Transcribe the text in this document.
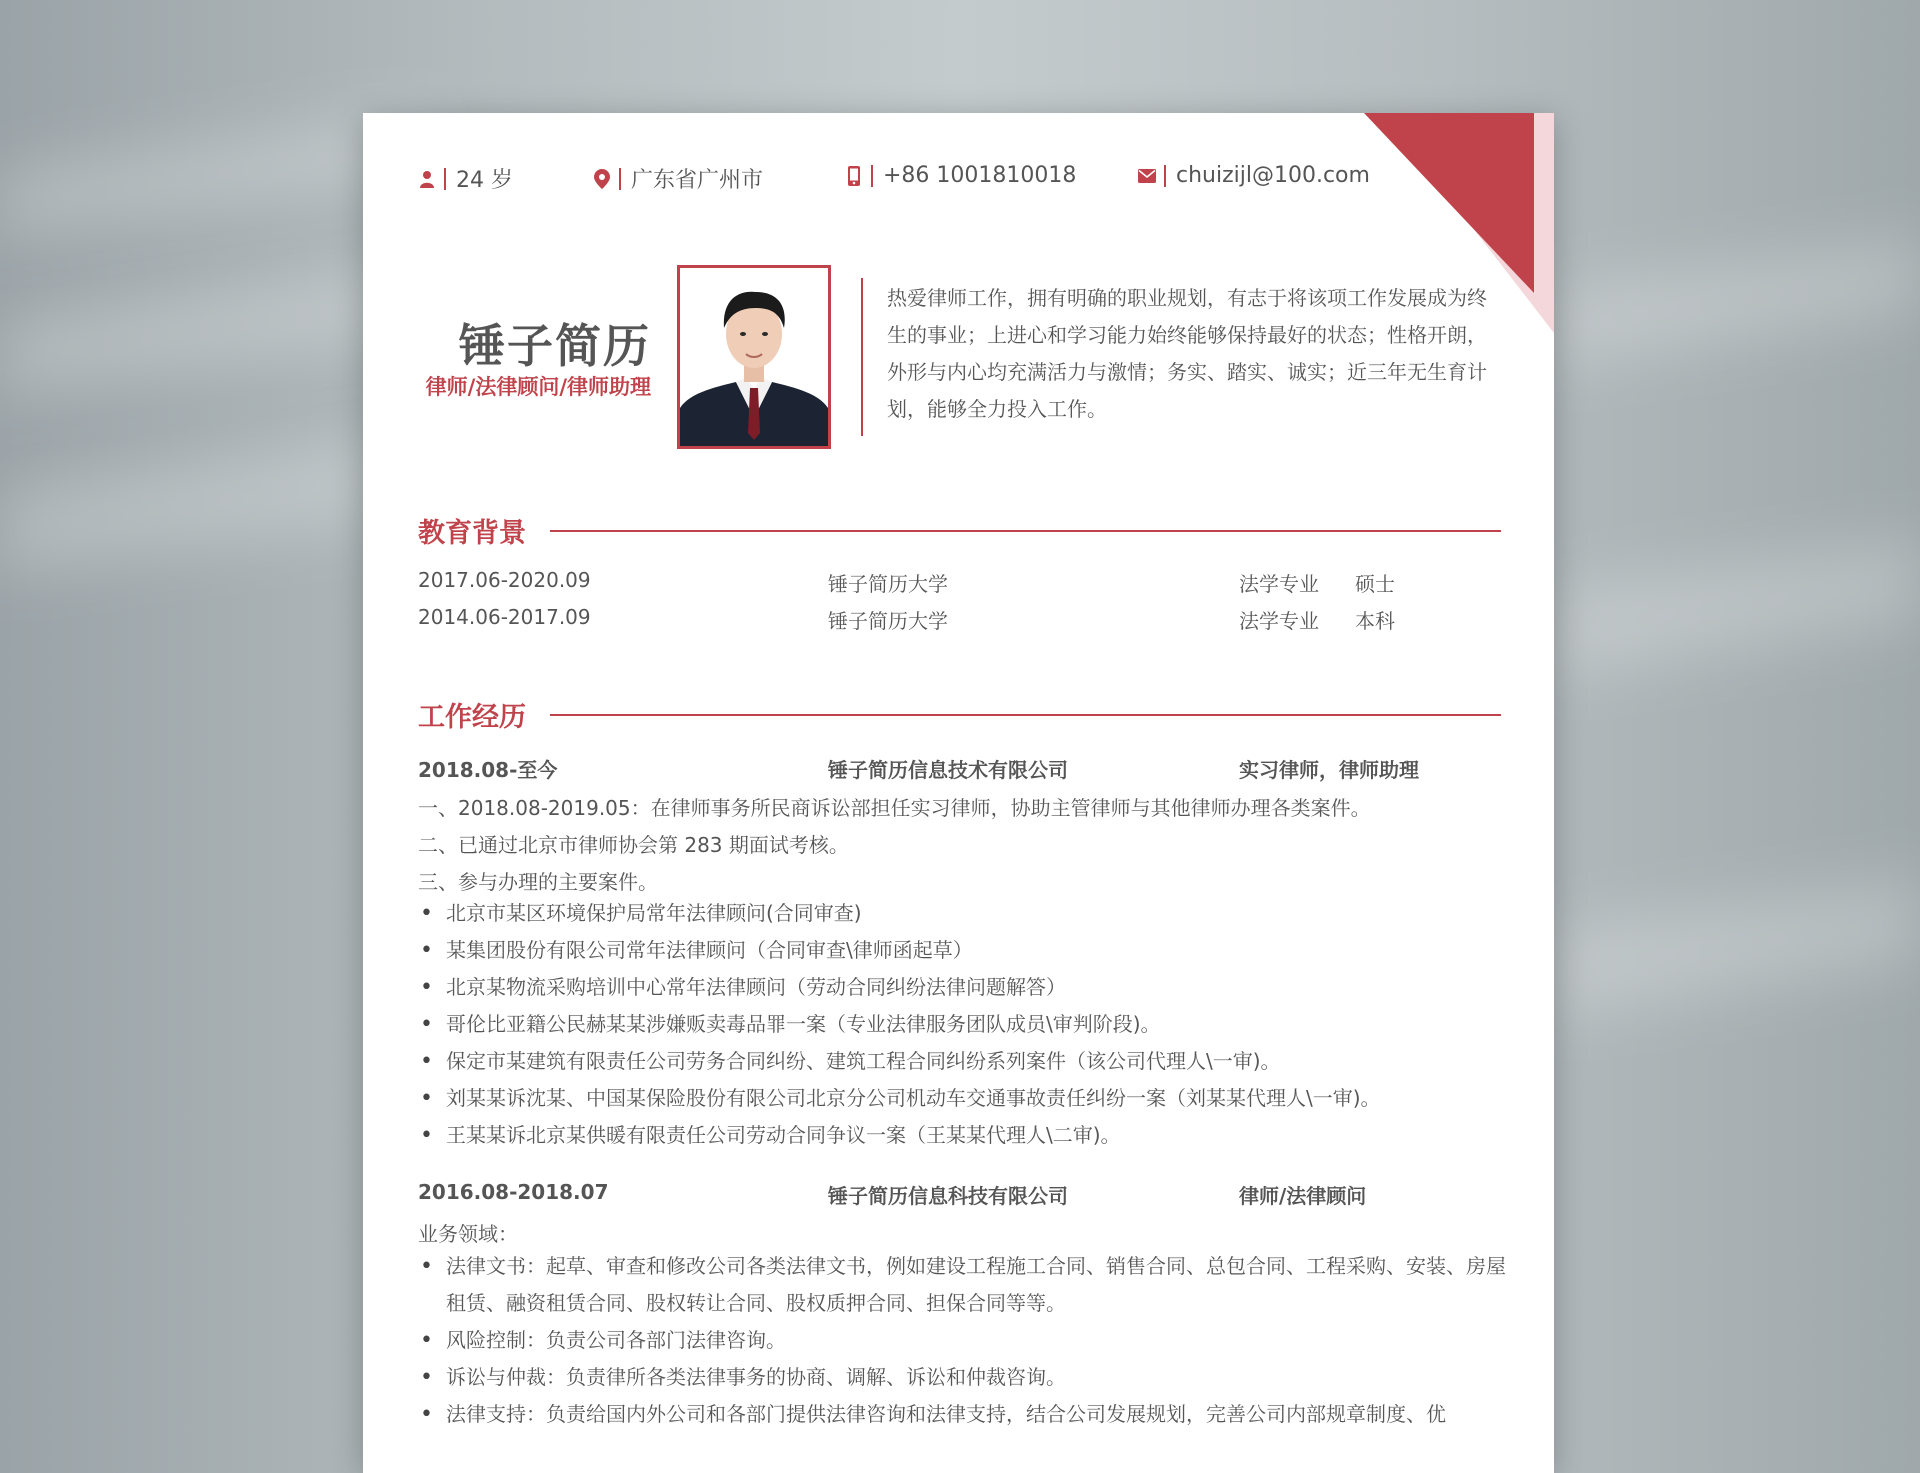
24 岁	广东省广州市	+86 1001810018	chuizijl@100.com
锤子简历
律师/法律顾问/律师助理
热爱律师工作，拥有明确的职业规划，有志于将该项工作发展成为终生的事业；上进心和学习能力始终能够保持最好的状态；性格开朗，外形与内心均充满活力与激情；务实、踏实、诚实；近三年无生育计划，能够全力投入工作。
教育背景
2017.06-2020.09	锤子简历大学	法学专业 硕士
2014.06-2017.09	锤子简历大学	法学专业 本科
工作经历
2018.08-至今	锤子简历信息技术有限公司	实习律师，律师助理
一、2018.08-2019.05：在律师事务所民商诉讼部担任实习律师，协助主管律师与其他律师办理各类案件。
二、已通过北京市律师协会第 283 期面试考核。
三、参与办理的主要案件。
• 北京市某区环境保护局常年法律顾问(合同审查)
• 某集团股份有限公司常年法律顾问（合同审查\律师函起草）
• 北京某物流采购培训中心常年法律顾问（劳动合同纠纷法律问题解答）
• 哥伦比亚籍公民赫某某涉嫌贩卖毒品罪一案（专业法律服务团队成员\审判阶段)。
• 保定市某建筑有限责任公司劳务合同纠纷、建筑工程合同纠纷系列案件（该公司代理人\一审)。
• 刘某某诉沈某、中国某保险股份有限公司北京分公司机动车交通事故责任纠纷一案（刘某某代理人\一审)。
• 王某某诉北京某供暖有限责任公司劳动合同争议一案（王某某代理人\二审)。
2016.08-2018.07	锤子简历信息科技有限公司	律师/法律顾问
业务领域：
• 法律文书：起草、审查和修改公司各类法律文书，例如建设工程施工合同、销售合同、总包合同、工程采购、安装、房屋租赁、融资租赁合同、股权转让合同、股权质押合同、担保合同等等。
• 风险控制：负责公司各部门法律咨询。
• 诉讼与仲裁：负责律所各类法律事务的协商、调解、诉讼和仲裁咨询。
• 法律支持：负责给国内外公司和各部门提供法律咨询和法律支持，结合公司发展规划，完善公司内部规章制度、优
